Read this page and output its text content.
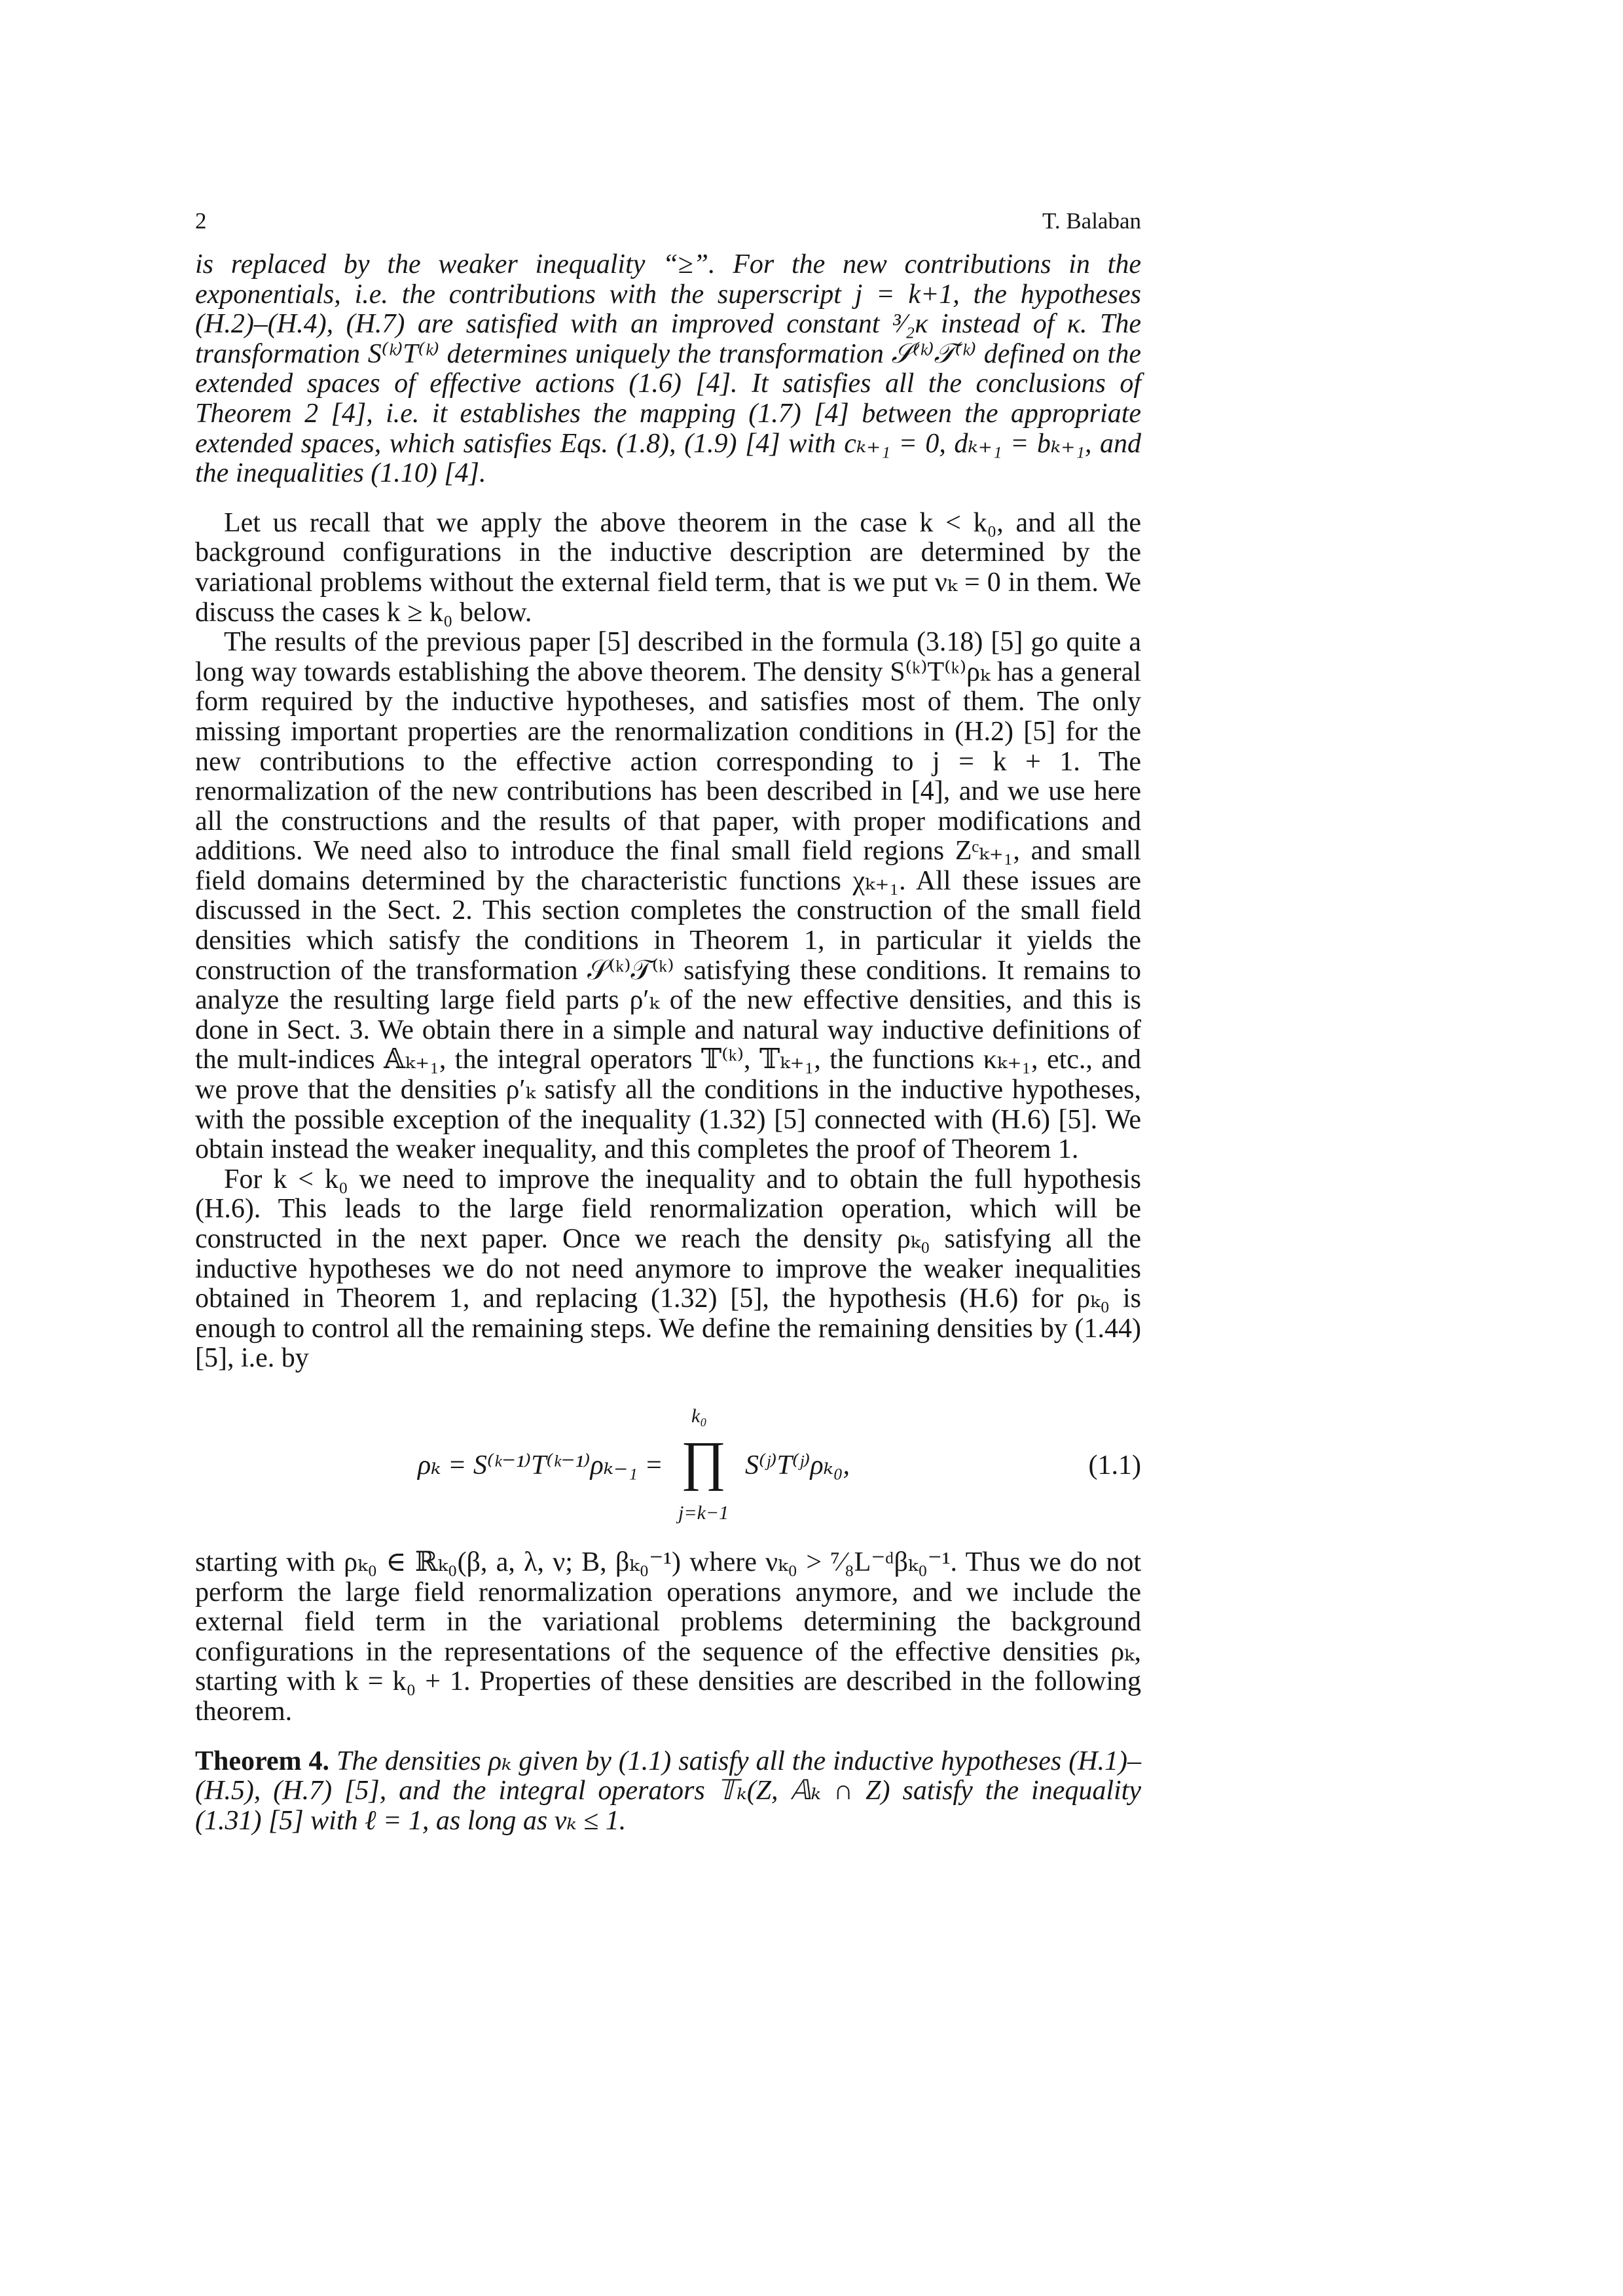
2	T. Balaban

is replaced by the weaker inequality “≥”. For the new contributions in the exponentials, i.e. the contributions with the superscript j = k+1, the hypotheses (H.2)–(H.4), (H.7) are satisfied with an improved constant ³⁄₂κ instead of κ. The transformation S⁽ᵏ⁾T⁽ᵏ⁾ determines uniquely the transformation 𝒮⁽ᵏ⁾𝒯⁽ᵏ⁾ defined on the extended spaces of effective actions (1.6) [4]. It satisfies all the conclusions of Theorem 2 [4], i.e. it establishes the mapping (1.7) [4] between the appropriate extended spaces, which satisfies Eqs. (1.8), (1.9) [4] with cₖ₊₁ = 0, dₖ₊₁ = bₖ₊₁, and the inequalities (1.10) [4].

Let us recall that we apply the above theorem in the case k < k₀, and all the background configurations in the inductive description are determined by the variational problems without the external field term, that is we put νₖ = 0 in them. We discuss the cases k ≥ k₀ below.

The results of the previous paper [5] described in the formula (3.18) [5] go quite a long way towards establishing the above theorem. The density S⁽ᵏ⁾T⁽ᵏ⁾ρₖ has a general form required by the inductive hypotheses, and satisfies most of them. The only missing important properties are the renormalization conditions in (H.2) [5] for the new contributions to the effective action corresponding to j = k + 1. The renormalization of the new contributions has been described in [4], and we use here all the constructions and the results of that paper, with proper modifications and additions. We need also to introduce the final small field regions Zᶜₖ₊₁, and small field domains determined by the characteristic functions χₖ₊₁. All these issues are discussed in the Sect. 2. This section completes the construction of the small field densities which satisfy the conditions in Theorem 1, in particular it yields the construction of the transformation 𝒮⁽ᵏ⁾𝒯⁽ᵏ⁾ satisfying these conditions. It remains to analyze the resulting large field parts ρ′ₖ of the new effective densities, and this is done in Sect. 3. We obtain there in a simple and natural way inductive definitions of the mult-indices 𝔸ₖ₊₁, the integral operators 𝕋⁽ᵏ⁾, 𝕋ₖ₊₁, the functions κₖ₊₁, etc., and we prove that the densities ρ′ₖ satisfy all the conditions in the inductive hypotheses, with the possible exception of the inequality (1.32) [5] connected with (H.6) [5]. We obtain instead the weaker inequality, and this completes the proof of Theorem 1.

For k < k₀ we need to improve the inequality and to obtain the full hypothesis (H.6). This leads to the large field renormalization operation, which will be constructed in the next paper. Once we reach the density ρₖ₀ satisfying all the inductive hypotheses we do not need anymore to improve the weaker inequalities obtained in Theorem 1, and replacing (1.32) [5], the hypothesis (H.6) for ρₖ₀ is enough to control all the remaining steps. We define the remaining densities by (1.44) [5], i.e. by

ρₖ = S⁽ᵏ⁻¹⁾T⁽ᵏ⁻¹⁾ρₖ₋₁ =
k₀
∏
j=k−1
S⁽ʲ⁾T⁽ʲ⁾ρₖ₀,	(1.1)

starting with ρₖ₀ ∈ ℝₖ₀(β, a, λ, ν; B, βₖ₀⁻¹) where νₖ₀ > ⁷⁄₈L⁻ᵈβₖ₀⁻¹. Thus we do not perform the large field renormalization operations anymore, and we include the external field term in the variational problems determining the background configurations in the representations of the sequence of the effective densities ρₖ, starting with k = k₀ + 1. Properties of these densities are described in the following theorem.

Theorem 4. The densities ρₖ given by (1.1) satisfy all the inductive hypotheses (H.1)–(H.5), (H.7) [5], and the integral operators 𝕋ₖ(Z, 𝔸ₖ ∩ Z) satisfy the inequality (1.31) [5] with ℓ = 1, as long as νₖ ≤ 1.
